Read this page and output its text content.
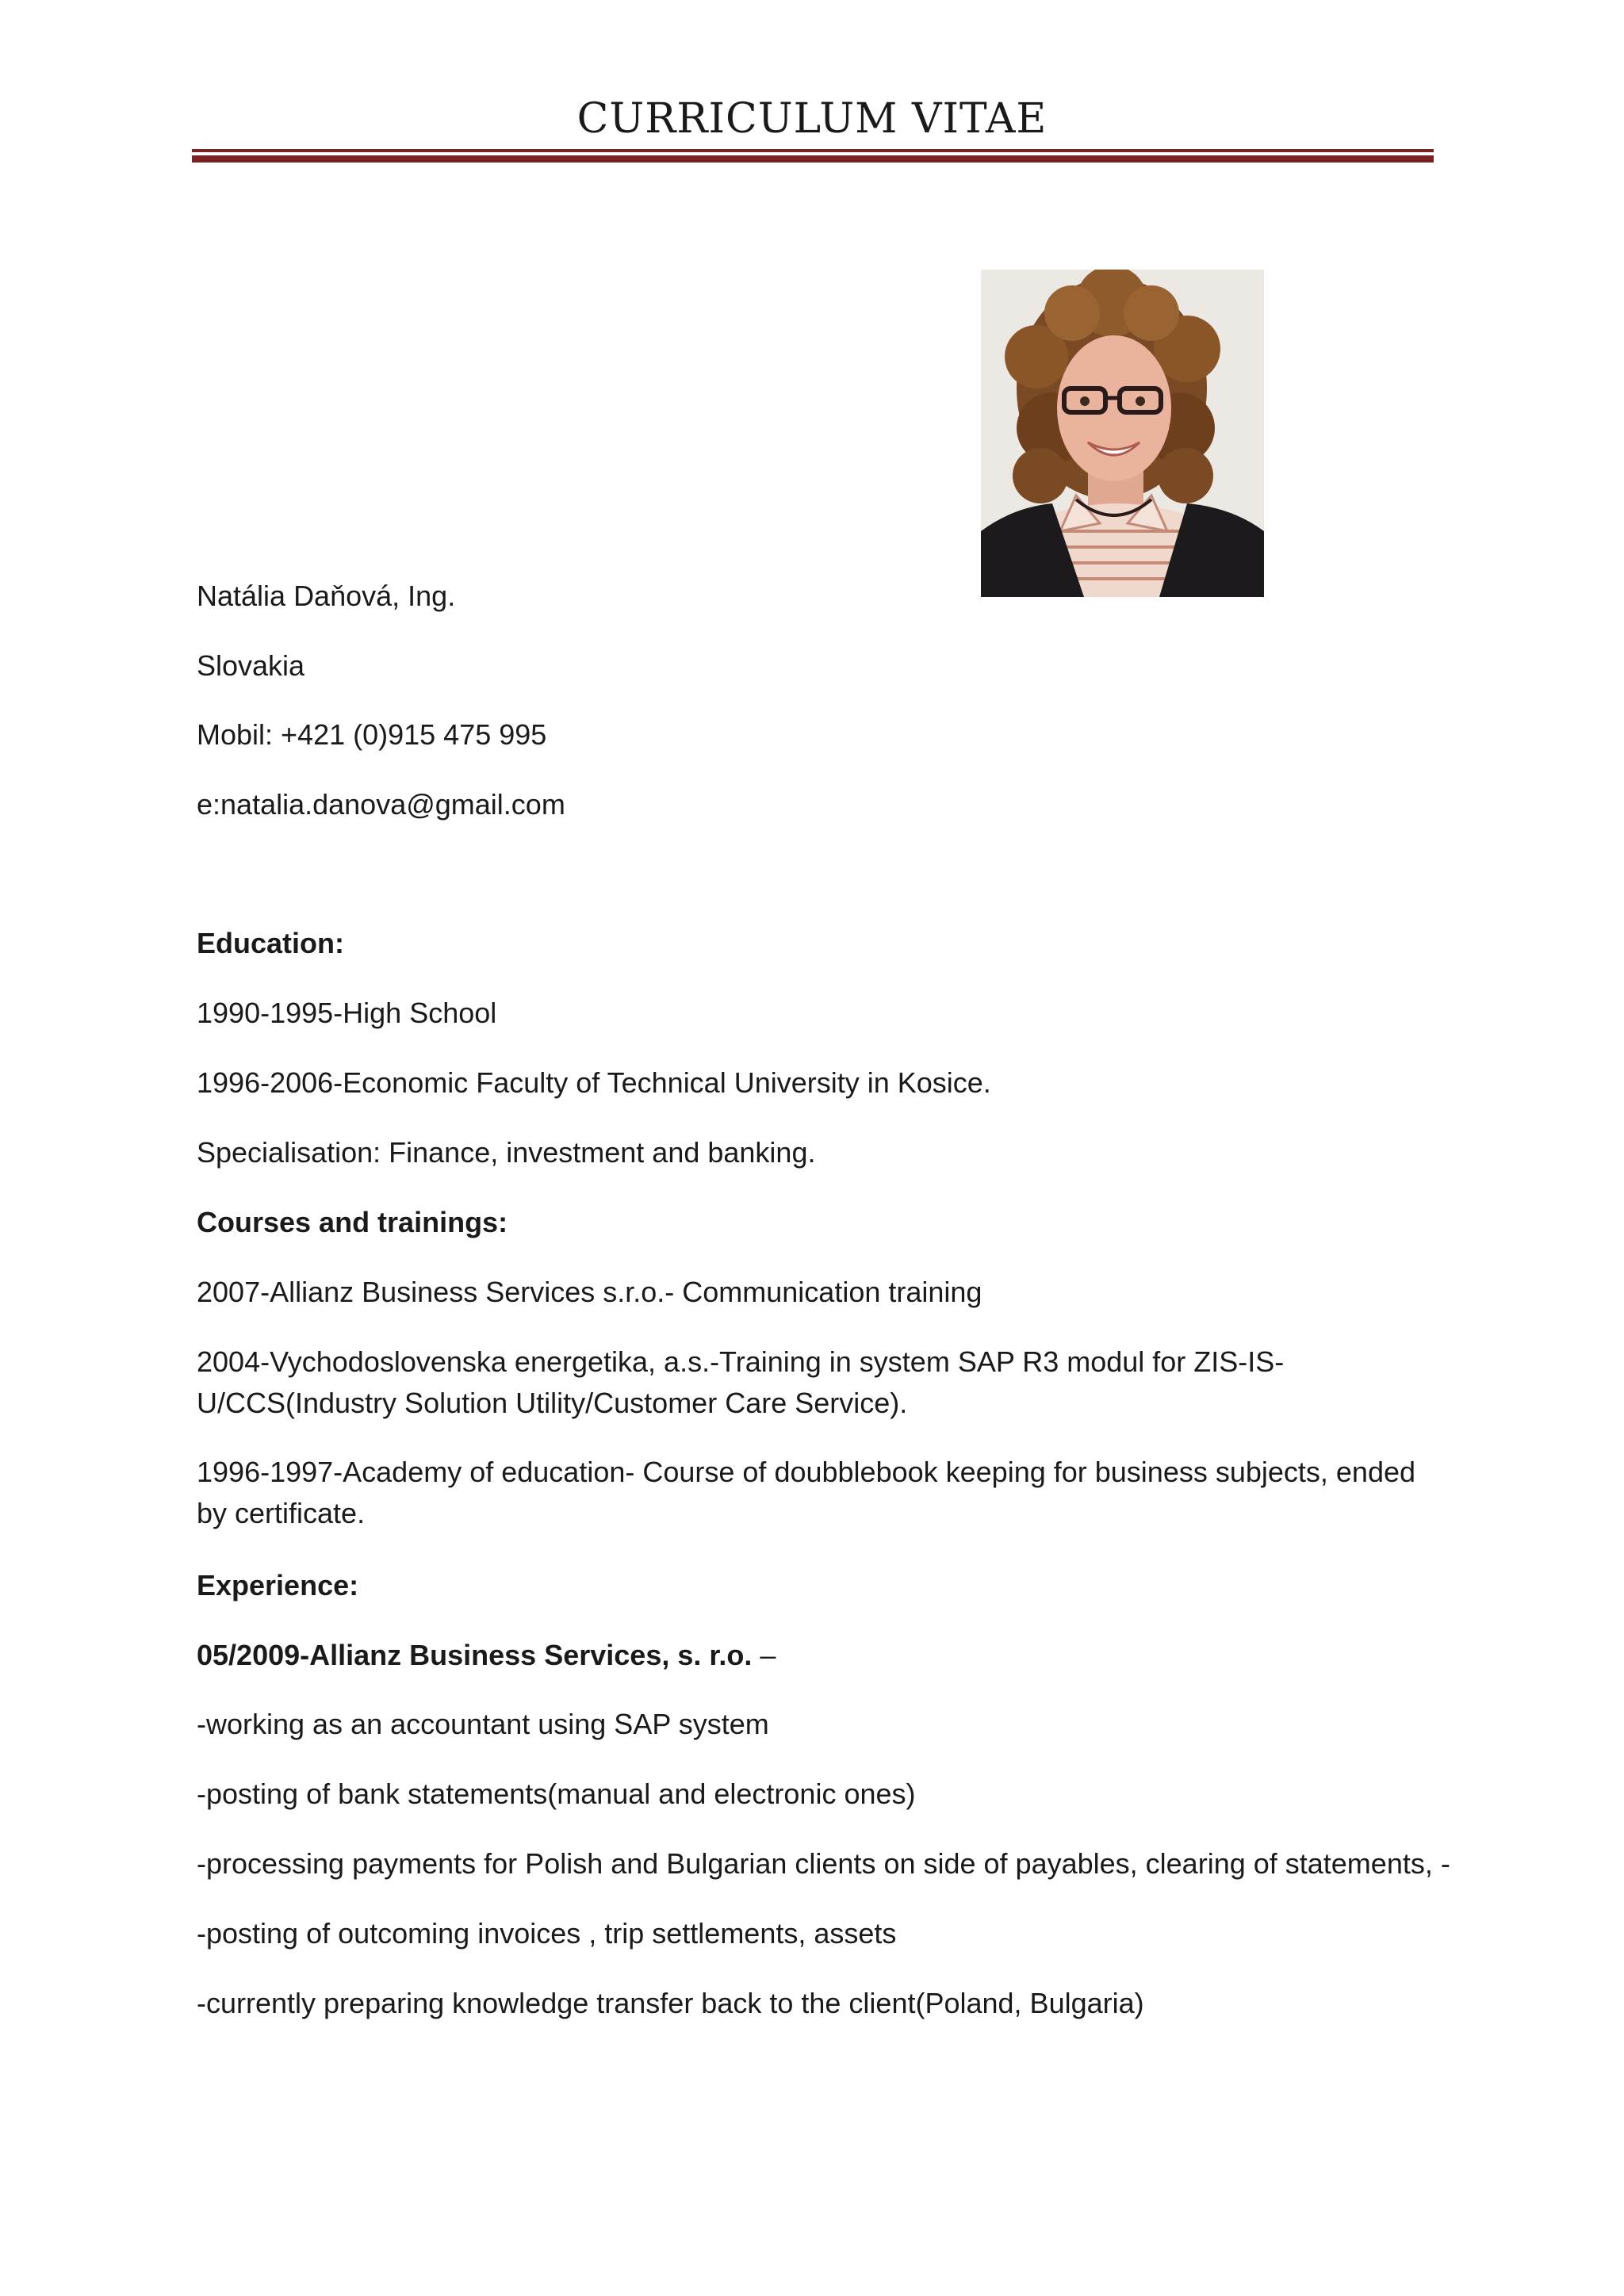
CURRICULUM VITAE
Natália Daňová, Ing.
Slovakia
Mobil: +421 (0)915 475 995
e:natalia.danova@gmail.com
Education:
1990-1995-High School
1996-2006-Economic Faculty of Technical University in Kosice.
Specialisation: Finance, investment and banking.
Courses and trainings:
2007-Allianz Business Services s.r.o.- Communication training
2004-Vychodoslovenska energetika, a.s.-Training in system SAP R3 modul for ZIS-IS-U/CCS(Industry Solution Utility/Customer Care Service).
1996-1997-Academy of education- Course of doubblebook keeping for business subjects, ended by certificate.
Experience:
05/2009-Allianz Business Services, s. r.o. –
-working as an accountant using SAP system
-posting of bank statements(manual and electronic ones)
-processing payments for Polish and Bulgarian clients on side of payables, clearing of statements, -
-posting of outcoming invoices , trip settlements, assets
-currently preparing knowledge transfer back to the client(Poland, Bulgaria)
